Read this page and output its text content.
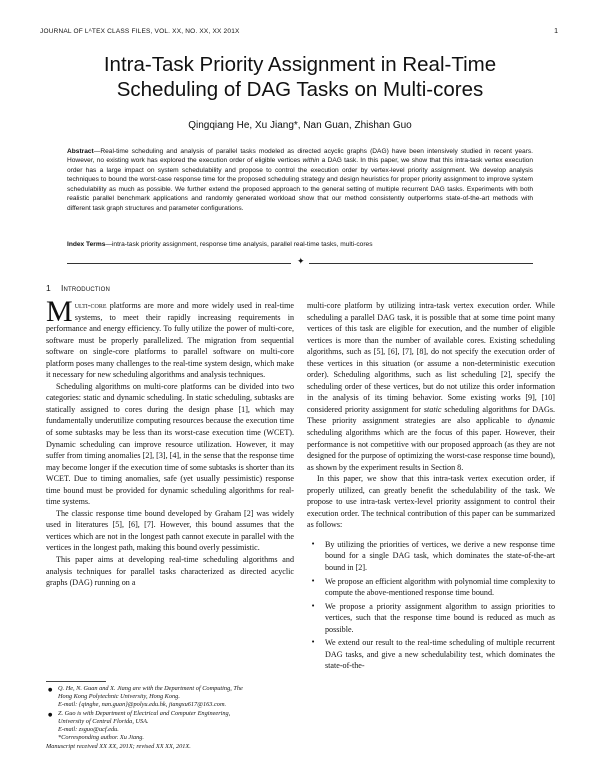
JOURNAL OF LᴬTEX CLASS FILES, VOL. XX, NO. XX, XX 201X	1
Intra-Task Priority Assignment in Real-Time
Scheduling of DAG Tasks on Multi-cores
Qingqiang He, Xu Jiang*, Nan Guan, Zhishan Guo
Abstract—Real-time scheduling and analysis of parallel tasks modeled as directed acyclic graphs (DAG) have been intensively studied in recent years. However, no existing work has explored the execution order of eligible vertices within a DAG task. In this paper, we show that this intra-task vertex execution order has a large impact on system schedulability and propose to control the execution order by vertex-level priority assignment. We develop analysis techniques to bound the worst-case response time for the proposed scheduling strategy and design heuristics for proper priority assignment to improve system schedulability as much as possible. We further extend the proposed approach to the general setting of multiple recurrent DAG tasks. Experiments with both realistic parallel benchmark applications and randomly generated workload show that our method consistently outperforms state-of-the-art methods with different task graph structures and parameter configurations.
Index Terms—intra-task priority assignment, response time analysis, parallel real-time tasks, multi-cores
✦
1 Introduction

Multi-core platforms are more and more widely used in real-time systems, to meet their rapidly increasing requirements in performance and energy efficiency. To fully utilize the power of multi-core, software must be properly parallelized. The migration from sequential software on single-core platforms to parallel software on multi-core platform poses many challenges to the real-time system design, which make it necessary for new scheduling algorithms and analysis techniques.

Scheduling algorithms on multi-core platforms can be divided into two categories: static and dynamic scheduling. In static scheduling, subtasks are statically assigned to cores during the design phase [1], which may fundamentally underutilize computing resources because the execution time of some subtasks may be less than its worst-case execution time (WCET). Dynamic scheduling can improve resource utilization. However, it may suffer from timing anomalies [2], [3], [4], in the sense that the response time may become longer if the execution time of some subtasks is shorter than its WCET. Due to timing anomalies, safe (yet usually pessimistic) response time bound must be provided for dynamic scheduling algorithms for real-time systems.

The classic response time bound developed by Graham [2] was widely used in literatures [5], [6], [7]. However, this bound assumes that the vertices which are not in the longest path cannot execute in parallel with the vertices in the longest path, making this bound overly pessimistic.

This paper aims at developing real-time scheduling algorithms and analysis techniques for parallel tasks characterized as directed acyclic graphs (DAG) running on a

multi-core platform by utilizing intra-task vertex execution order. While scheduling a parallel DAG task, it is possible that at some time point many vertices of this task are eligible for execution, and the number of eligible vertices is more than the number of available cores. Existing scheduling algorithms, such as [5], [6], [7], [8], do not specify the execution order of these vertices in this situation (or assume a non-deterministic execution order). Scheduling algorithms, such as list scheduling [2], specify the scheduling order of these vertices, but do not utilize this order information in the analysis of its timing behavior. Some existing works [9], [10] considered priority assignment for static scheduling algorithms for DAGs. These priority assignment strategies are also applicable to dynamic scheduling algorithms which are the focus of this paper. However, their performance is not competitive with our proposed approach (as they are not designed for the purpose of optimizing the worst-case response time bound), as shown by the experiment results in Section 8.

In this paper, we show that this intra-task vertex execution order, if properly utilized, can greatly benefit the schedulability of the task. We propose to use intra-task vertex-level priority assignment to control their execution order. The technical contribution of this paper can be summarized as follows:

• By utilizing the priorities of vertices, we derive a new response time bound for a single DAG task, which dominates the state-of-the-art bound in [2].
• We propose an efficient algorithm with polynomial time complexity to compute the above-mentioned response time bound.
• We propose a priority assignment algorithm to assign priorities to vertices, such that the response time bound is reduced as much as possible.
• We extend our result to the real-time scheduling of multiple recurrent DAG tasks, and give a new schedulability test, which dominates the state-of-the-
● Q. He, N. Guan and X. Jiang are with the Department of Computing, The
Hong Kong Polytechnic University, Hong Kong.
E-mail: {qinghe, nan.guan}@polyu.edu.hk, jiangxu617@163.com.
● Z. Guo is with Department of Electrical and Computer Engineering,
University of Central Florida, USA.
E-mail: zsguo@ucf.edu.
*Corresponding author. Xu Jiang.
Manuscript received XX XX, 201X; revised XX XX, 201X.
